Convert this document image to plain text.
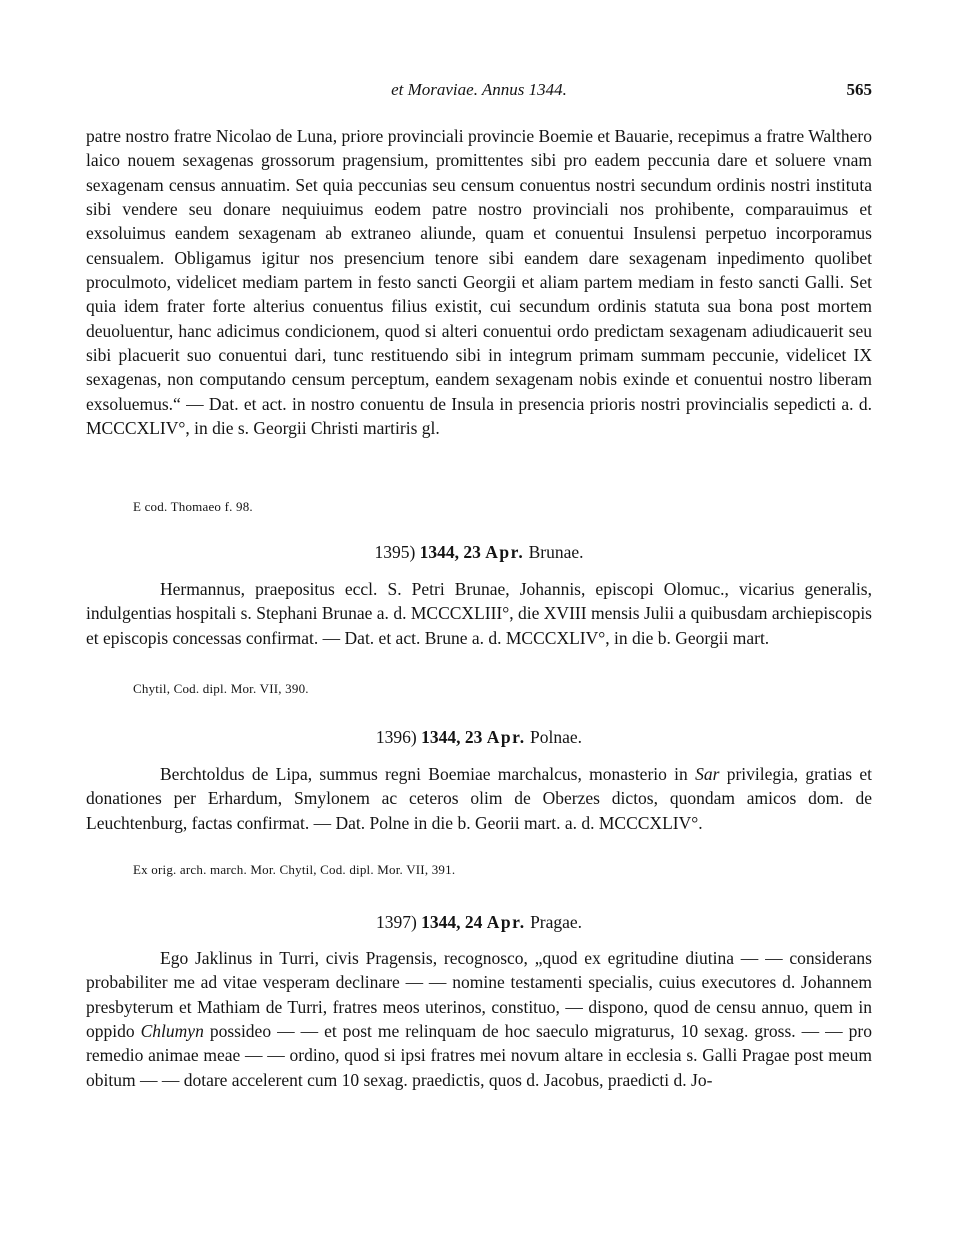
et Moraviae. Annus 1344.	565

patre nostro fratre Nicolao de Luna, priore provinciali provincie Boemie et Bauarie, recepimus a fratre Walthero laico nouem sexagenas grossorum pragensium, promittentes sibi pro eadem peccunia dare et soluere vnam sexagenam census annuatim. Set quia peccunias seu censum conuentus nostri secundum ordinis nostri instituta sibi vendere seu donare nequiuimus eodem patre nostro provinciali nos prohibente, comparauimus et exsoluimus eandem sexagenam ab extraneo aliunde, quam et conuentui Insulensi perpetuo incorporamus censualem. Obligamus igitur nos presencium tenore sibi eandem dare sexagenam inpedimento quolibet proculmoto, videlicet mediam partem in festo sancti Georgii et aliam partem mediam in festo sancti Galli. Set quia idem frater forte alterius conuentus filius existit, cui secundum ordinis statuta sua bona post mortem deuoluentur, hanc adicimus condicionem, quod si alteri conuentui ordo predictam sexagenam adiudicauerit seu sibi placuerit suo conuentui dari, tunc restituendo sibi in integrum primam summam peccunie, videlicet IX sexagenas, non computando censum perceptum, eandem sexagenam nobis exinde et conuentui nostro liberam exsoluemus.“ — Dat. et act. in nostro conuentu de Insula in presencia prioris nostri provincialis sepedicti a. d. MCCCXLIV°, in die s. Georgii Christi martiris gl.

E cod. Thomaeo f. 98.
1395) 1344, 23 Apr. Brunae.

Hermannus, praepositus eccl. S. Petri Brunae, Johannis, episcopi Olomuc., vicarius generalis, indulgentias hospitali s. Stephani Brunae a. d. MCCCXLIII°, die XVIII mensis Julii a quibusdam archiepiscopis et episcopis concessas confirmat. — Dat. et act. Brune a. d. MCCCXLIV°, in die b. Georgii mart.

Chytil, Cod. dipl. Mor. VII, 390.
1396) 1344, 23 Apr. Polnae.

Berchtoldus de Lipa, summus regni Boemiae marchalcus, monasterio in Sar privilegia, gratias et donationes per Erhardum, Smylonem ac ceteros olim de Oberzes dictos, quondam amicos dom. de Leuchtenburg, factas confirmat. — Dat. Polne in die b. Georii mart. a. d. MCCCXLIV°.

Ex orig. arch. march. Mor. Chytil, Cod. dipl. Mor. VII, 391.
1397) 1344, 24 Apr. Pragae.

Ego Jaklinus in Turri, civis Pragensis, recognosco, „quod ex egritudine diutina — — considerans probabiliter me ad vitae vesperam declinare — — nomine testamenti specialis, cuius executores d. Johannem presbyterum et Mathiam de Turri, fratres meos uterinos, constituo, — dispono, quod de censu annuo, quem in oppido Chlumyn possideo — — et post me relinquam de hoc saeculo migraturus, 10 sexag. gross. — — pro remedio animae meae — — ordino, quod si ipsi fratres mei novum altare in ecclesia s. Galli Pragae post meum obitum — — dotare accelerent cum 10 sexag. praedictis, quos d. Jacobus, praedicti d. Jo-
